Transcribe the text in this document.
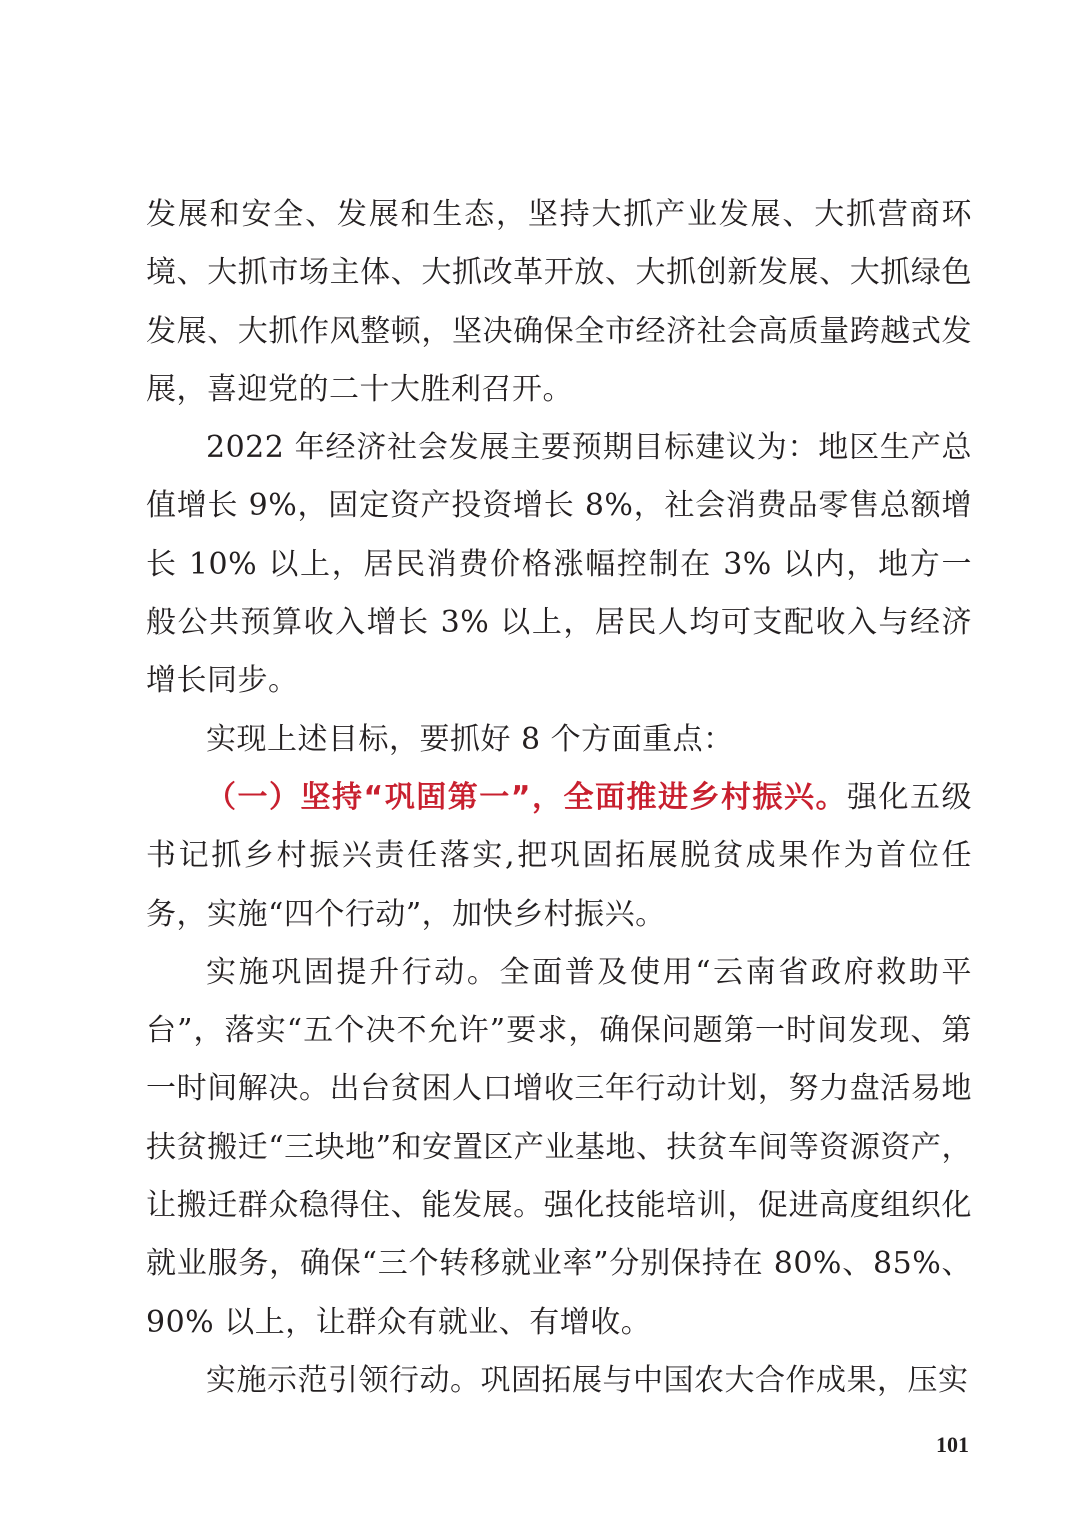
发展和安全、发展和生态，坚持大抓产业发展、大抓营商环境、大抓市场主体、大抓改革开放、大抓创新发展、大抓绿色发展、大抓作风整顿，坚决确保全市经济社会高质量跨越式发展，喜迎党的二十大胜利召开。

2022 年经济社会发展主要预期目标建议为：地区生产总值增长 9%，固定资产投资增长 8%，社会消费品零售总额增长 10% 以上，居民消费价格涨幅控制在 3% 以内，地方一般公共预算收入增长 3% 以上，居民人均可支配收入与经济增长同步。

实现上述目标，要抓好 8 个方面重点：

（一）坚持“巩固第一”，全面推进乡村振兴。强化五级书记抓乡村振兴责任落实,把巩固拓展脱贫成果作为首位任务，实施“四个行动”，加快乡村振兴。

实施巩固提升行动。全面普及使用“云南省政府救助平台”，落实“五个决不允许”要求，确保问题第一时间发现、第一时间解决。出台贫困人口增收三年行动计划，努力盘活易地扶贫搬迁“三块地”和安置区产业基地、扶贫车间等资源资产，让搬迁群众稳得住、能发展。强化技能培训，促进高度组织化就业服务，确保“三个转移就业率”分别保持在 80%、85%、90% 以上，让群众有就业、有增收。

实施示范引领行动。巩固拓展与中国农大合作成果，压实

101
